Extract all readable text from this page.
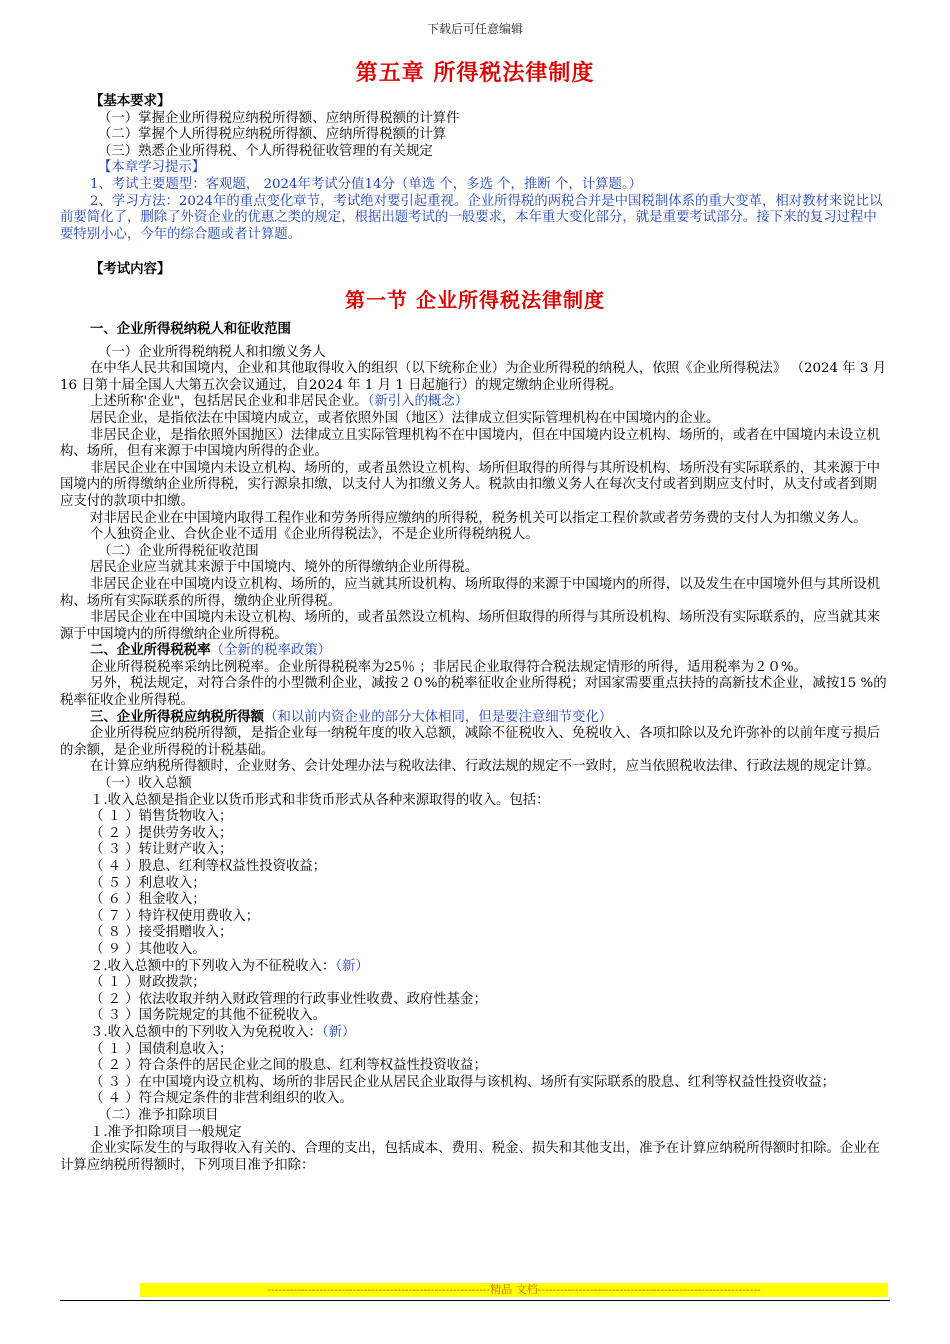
下载后可任意编辑
第五章 所得税法律制度

【基本要求】

（一）掌握企业所得税应纳税所得额、应纳所得税额的计算件

（二）掌握个人所得税应纳税所得额、应纳所得税额的计算

（三）熟悉企业所得税、个人所得税征收管理的有关规定

【本章学习提示】

1、考试主要题型：客观题， 2024年考试分值14分（单选 个，多选 个，推断 个，计算题。）

2、学习方法：2024年的重点变化章节，考试绝对要引起重视。企业所得税的两税合并是中国税制体系的重大变革，相对教材来说比以前要简化了，删除了外资企业的优惠之类的规定，根据出题考试的一般要求，本年重大变化部分，就是重要考试部分。接下来的复习过程中要特别小心，今年的综合题或者计算题。

【考试内容】

第一节 企业所得税法律制度

一、企业所得税纳税人和征收范围

（一）企业所得税纳税人和扣缴义务人

在中华人民共和国境内，企业和其他取得收入的组织（以下统称企业）为企业所得税的纳税人，依照《企业所得税法》 （2024 年 3 月16 日第十届全国人大第五次会议通过，自2024 年 1 月 1 日起施行）的规定缴纳企业所得税。

上述所称'企业"，包括居民企业和非居民企业。（新引入的概念）

居民企业，是指依法在中国境内成立，或者依照外国（地区）法律成立但实际管理机构在中国境内的企业。

非居民企业，是指依照外国抛区）法律成立且实际管理机构不在中国境内，但在中国境内设立机构、场所的，或者在中国境内未设立机构、场所，但有来源于中国境内所得的企业。

非居民企业在中国境内未设立机构、场所的，或者虽然设立机构、场所但取得的所得与其所设机构、场所没有实际联系的，其来源于中国境内的所得缴纳企业所得税，实行源泉扣缴，以支付人为扣缴义务人。税款由扣缴义务人在每次支付或者到期应支付时，从支付或者到期应支付的款项中扣缴。

对非居民企业在中国境内取得工程作业和劳务所得应缴纳的所得税，税务机关可以指定工程价款或者劳务费的支付人为扣缴义务人。

个人独资企业、合伙企业不适用《企业所得税法》，不是企业所得税纳税人。

（二）企业所得税征收范围

居民企业应当就其来源于中国境内、境外的所得缴纳企业所得税。

非居民企业在中国境内设立机构、场所的，应当就其所设机构、场所取得的来源于中国境内的所得，以及发生在中国境外但与其所设机构、场所有实际联系的所得，缴纳企业所得税。

非居民企业在中国境内未设立机构、场所的，或者虽然设立机构、场所但取得的所得与其所设机构、场所没有实际联系的，应当就其来源于中国境内的所得缴纳企业所得税。

二、企业所得税税率（全新的税率政策）

企业所得税税率采纳比例税率。企业所得税税率为25％ ；非居民企业取得符合税法规定情形的所得，适用税率为２０%。

另外，税法规定，对符合条件的小型微利企业，减按２０%的税率征收企业所得税；对国家需要重点扶持的高新技术企业，减按15 %的税率征收企业所得税。

三、企业所得税应纳税所得额（和以前内资企业的部分大体相同，但是要注意细节变化）

企业所得税应纳税所得额，是指企业每一纳税年度的收入总额，减除不征税收入、免税收入、各项扣除以及允许弥补的以前年度亏损后的余额，是企业所得税的计税基础。

在计算应纳税所得额时，企业财务、会计处理办法与税收法律、行政法规的规定不一致时，应当依照税收法律、行政法规的规定计算。

（一）收入总额

１.收入总额是指企业以货币形式和非货币形式从各种来源取得的收入。包括：

（ １ ）销售货物收入；

（ ２ ）提供劳务收入；

（ ３ ）转让财产收入；

（ ４ ）股息、红利等权益性投资收益；

（ ５ ）利息收入；

（ ６ ）租金收入；

（ ７ ）特许权使用费收入；

（ ８ ）接受捐赠收入；

（ ９ ）其他收入。

２.收入总额中的下列收入为不征税收入：（新）

（ １ ）财政拨款；

（ ２ ）依法收取并纳入财政管理的行政事业性收费、政府性基金；

（ ３ ）国务院规定的其他不征税收入。

３.收入总额中的下列收入为免税收入：（新）

（ １ ）国债利息收入；

（ ２ ）符合条件的居民企业之间的股息、红利等权益性投资收益；

（ ３ ）在中国境内设立机构、场所的非居民企业从居民企业取得与该机构、场所有实际联系的股息、红利等权益性投资收益；

（ ４ ）符合规定条件的非营利组织的收入。

（二）准予扣除项目

１.准予扣除项目一般规定

企业实际发生的与取得收入有关的、合理的支出，包括成本、费用、税金、损失和其他支出，准予在计算应纳税所得额时扣除。企业在计算应纳税所得额时，下列项目准予扣除：

------------------------------------------------------------精品 文档------------------------------------------------------------
